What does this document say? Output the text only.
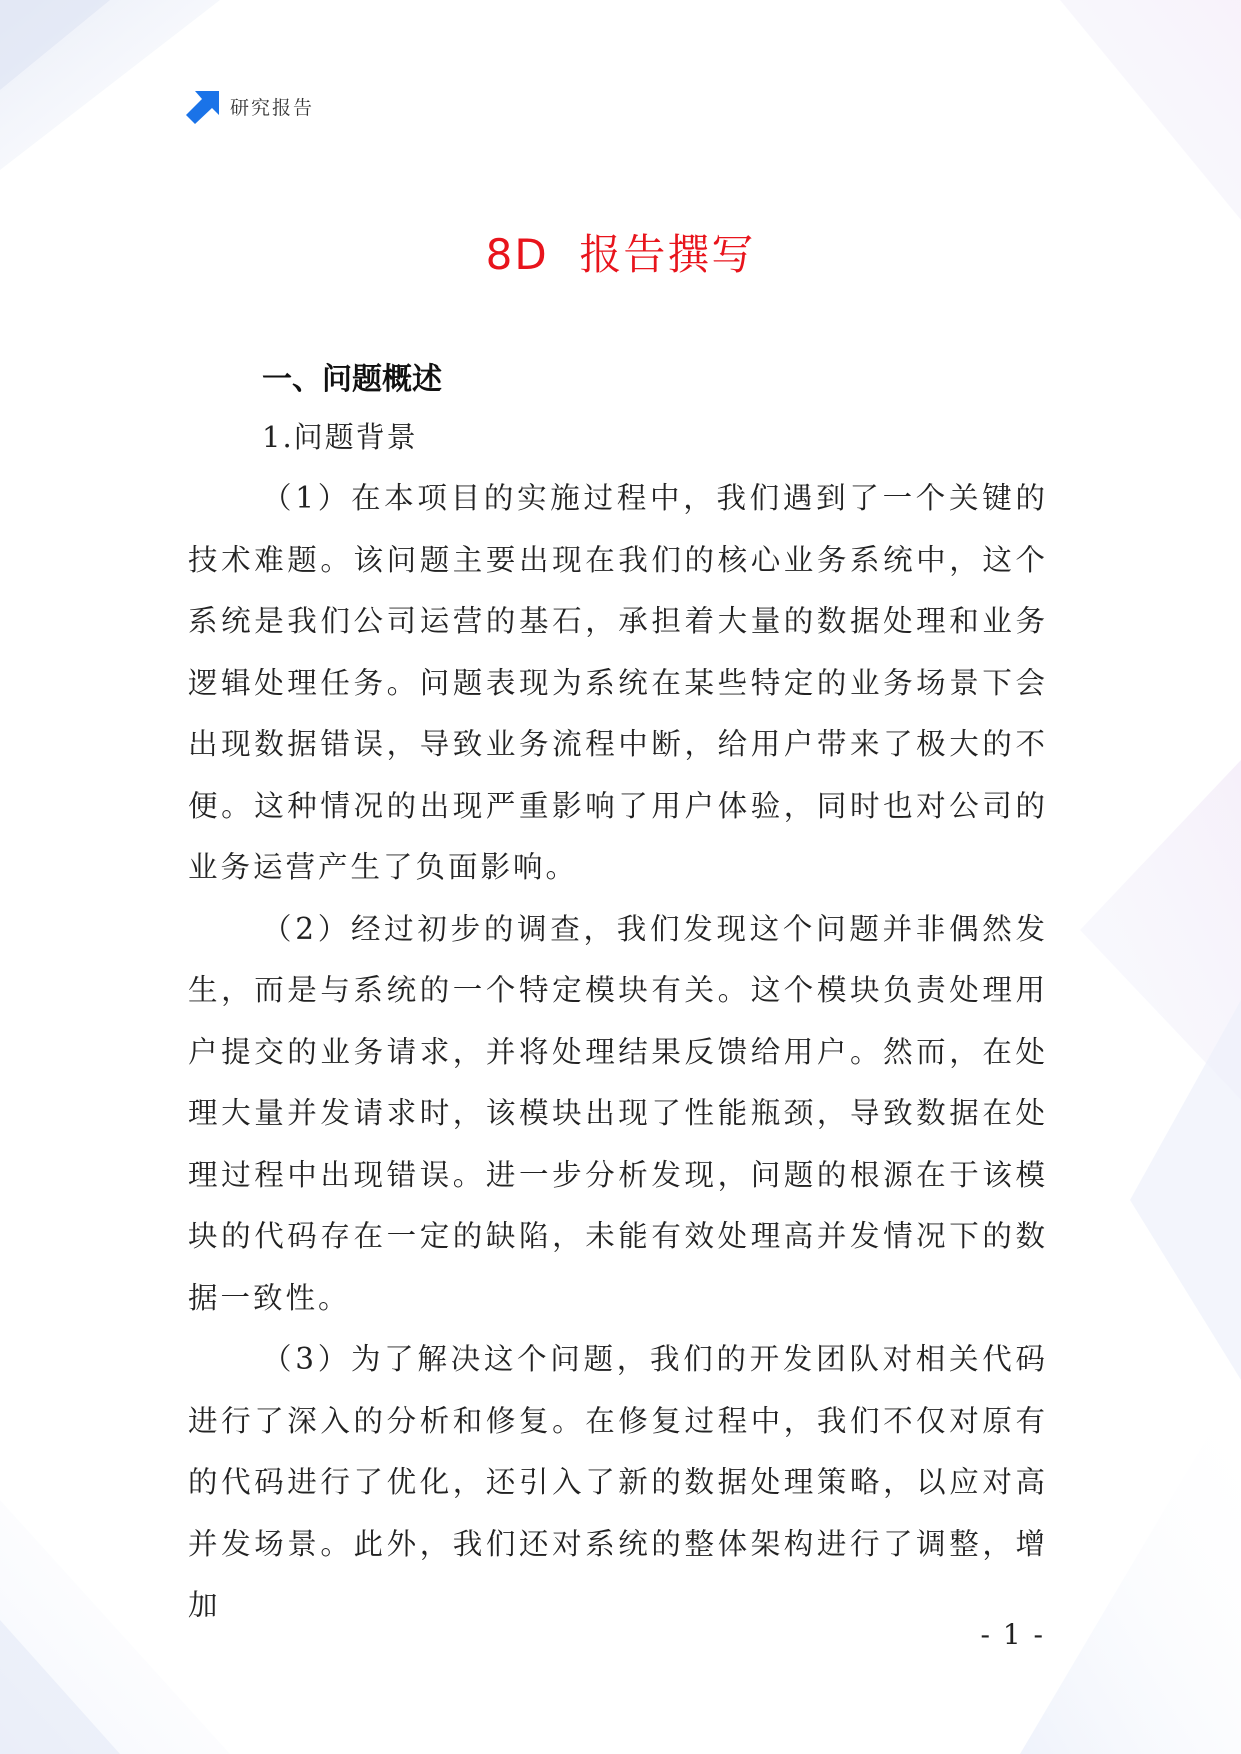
研究报告
8D  报告撰写
一、问题概述
1.问题背景

（1）在本项目的实施过程中，我们遇到了一个关键的技术难题。该问题主要出现在我们的核心业务系统中，这个系统是我们公司运营的基石，承担着大量的数据处理和业务逻辑处理任务。问题表现为系统在某些特定的业务场景下会出现数据错误，导致业务流程中断，给用户带来了极大的不便。这种情况的出现严重影响了用户体验，同时也对公司的业务运营产生了负面影响。

（2）经过初步的调查，我们发现这个问题并非偶然发生，而是与系统的一个特定模块有关。这个模块负责处理用户提交的业务请求，并将处理结果反馈给用户。然而，在处理大量并发请求时，该模块出现了性能瓶颈，导致数据在处理过程中出现错误。进一步分析发现，问题的根源在于该模块的代码存在一定的缺陷，未能有效处理高并发情况下的数据一致性。

（3）为了解决这个问题，我们的开发团队对相关代码进行了深入的分析和修复。在修复过程中，我们不仅对原有的代码进行了优化，还引入了新的数据处理策略，以应对高并发场景。此外，我们还对系统的整体架构进行了调整，增加

- 1 -
